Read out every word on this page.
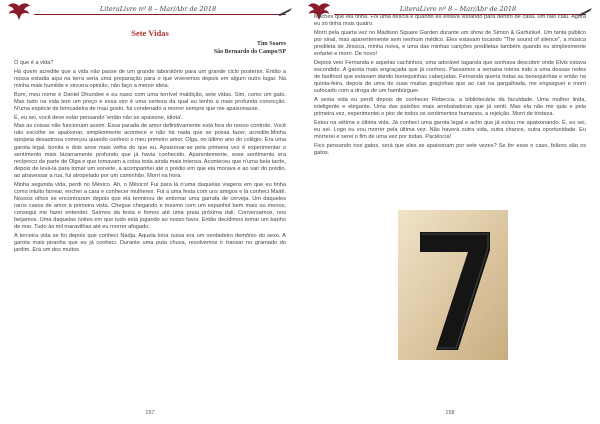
LiteraLivre nº 8 – Mar/Abr de 2018
Sete Vidas
Tim Soares
São Bernardo do Campo/SP

O que é a vida?

Há quem acredite que a vida não passe de um grande laboratório para um grande ciclo posterior. Então a nossa estadia aqui na terra seria uma preparação para o que viveremos depois em algum outro lugar. Na minha mais humilde e sincera opinião, não faço a menor ideia.

Bom, meu nome é Daniel Dhundee e eu nasci com uma terrível maldição, sete vidas. Sim, como um gato. Mas tudo na vida tem um preço e essa sim é uma certeza da qual eu tenho a mais profunda convicção. N'uma espécie de brincadeira de mau gosto, fui condenado a morrer sempre que me apaixonasse.

É, eu sei, você deve estar pensando 'então não se apaixone, idiota'.

Mas as coisas não funcionam assim. Essa parada de amor definitivamente está fora do nosso controle. Você não escolhe se apaixonar, simplesmente acontece e não há nada que se possa fazer, acredite.Minha epopeia desastrosa começou quando conheci o meu primeiro amor, Olga, no último ano do colégio. Era uma garota legal, bonita e dois anos mais velha do que eu. Apaixonar-se pela primeira vez é experimentar o sentimento mais bizarramente profundo que já havia conhecido. Aparentemente, esse sentimento era recíproco da parte de Olga e que tomavam a coisa toda ainda mais intensa. Aconteceu que n'uma bela tarde, depois de levá-la para tomar um sorvete, a acompanhei até o prédio em que ela morava e ao sair do prédio, ao atravessar a rua, fui atropelado por um caminhão. Morri na hora.

Minha segunda vida, perdi no México. Ah, o México! Fui para lá n'uma daquelas viagens em que eu tinha como intuito farrear, encher a cara e conhecer mulheres. Fui a uma festa com uns amigos e lá conheci Maitê. Nossos olhos se encontraram depois que ela terminou de entornar uma garrafa de cerveja. Um daqueles raros casos de amor à primeira vista. Chegue chegando e mesmo com um espanhol bem mais ou menos, consegui me fazer entender. Saímos da festa e fomos até uma praia próxima dali. Conversamos, nos beijamos. Uma daquelas noites em que tudo está jogando ao nosso favor. Então decidimos tomar um banho de mar. Tudo às mil maravilhas até eu morrer afogado.

A terceira vida se foi depois que conheci Nadja. Aquela loira russa era um verdadeiro demônio do sexo. A garota mais piranha que eu já conheci. Durante uma puta chuva, resolvemos ir transar no gramado do jardim. Era um dos muitos

157
LiteraLivre nº 8 – Mar/Abr de 2018

fetiches que ela tinha. Foi uma delícia e quando eu estava voltando para dentro de casa, um raio caiu. Agora eu só tinha mais quatro.

Morri pela quarta vez no Madison Square Garden durante um show de Simon & Garfunkel. Um tanta público por sinal, mas aparentemente sem nenhum médico. Eles estavam tocando "The sound of silence", a música predileta de Jéssica, minha noiva, e uma das minhas canções prediletas também quando eu simplesmente enfartei e morri. De novo!

Depois veio Fernanda e aquelas cachinhos, uma adorável tagarela que sonhava descobrir onde Elvis estava escondido. A garota mais engraçada que já conheci. Passamos a semana inteira indo a uma dessas redes de fastfood que estavam dando bonequinhas cabeçudas. Fernanda queria todas as bonequinhas e então na quinta-feira, depois de uma de suas muitas graçinhas que ao cair na gargalhada, me engasguei e morri sufocado com a droga de um hambúrguer.

A sexta vida eu perdi depois de conhecer Rebecca, a bibliotecária da faculdade. Uma mulher linda, inteligente e elegante. Uma das paixões mais arrebatadoras que já senti. Mas ela não me quis e pela primeira vez, experimentei o pior de todos os sentimentos humanos, a rejeição. Morri de tristeza.

Estou na sétima e última vida. Já conheci uma garota legal e acho que já estou me apaixonando. É, eu sei, eu sei. Logo eu vou morrer pela última vez. Não haverá outra vida, outra chance, outra oportunidade. Eu morrerei e serei o fim de uma vez por todas. Paciência!

Fico pensando nos gatos, será que eles se apaixonam por sete vezes? Se for esse o caso, felizes são os gatos.

158
